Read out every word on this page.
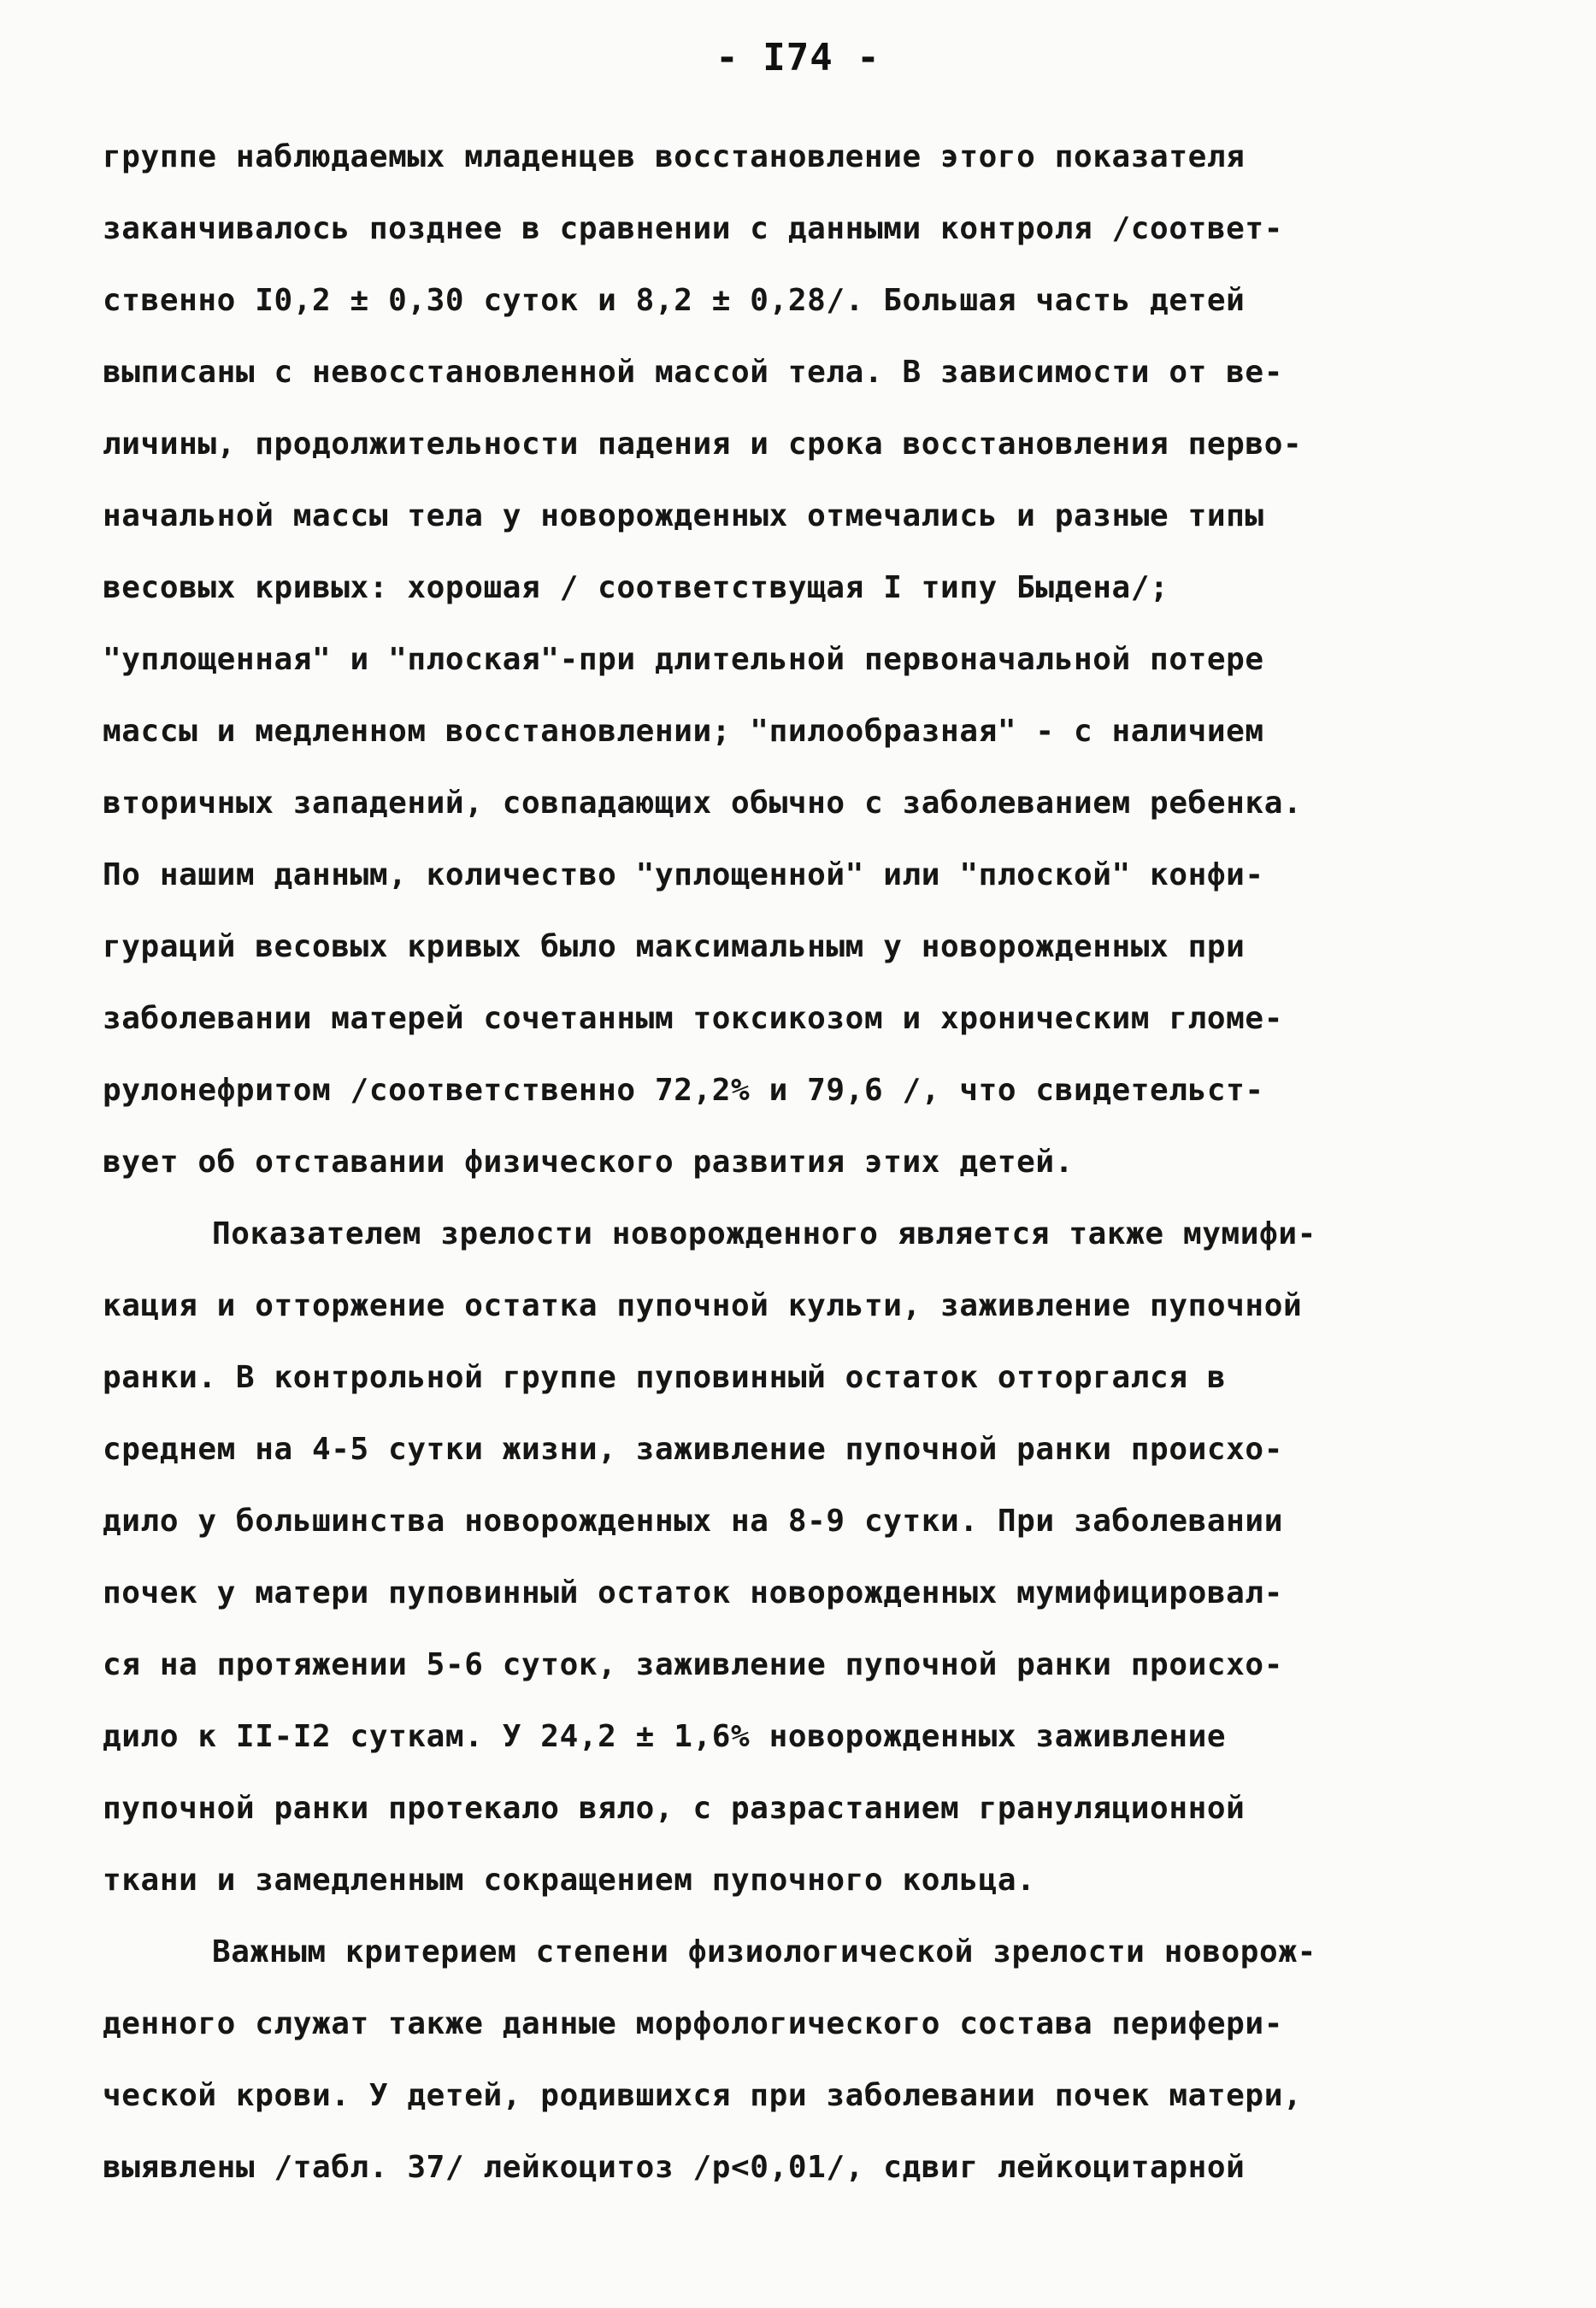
- I74 -
группе наблюдаемых младенцев восстановление этого показателя
заканчивалось позднее в сравнении с данными контроля /соответ-
ственно I0,2 ± 0,30 суток и 8,2 ± 0,28/. Большая часть детей
выписаны с невосстановленной массой тела. В зависимости от ве-
личины, продолжительности падения и срока восстановления перво-
начальной массы тела у новорожденных отмечались и разные типы
весовых кривых: хорошая / соответствущая I типу Быдена/;
"уплощенная" и "плоская"-при длительной первоначальной потере
массы и медленном восстановлении; "пилообразная" - с наличием
вторичных западений, совпадающих обычно с заболеванием ребенка.
По нашим данным, количество "уплощенной" или "плоской" конфи-
гураций весовых кривых было максимальным у новорожденных при
заболевании матерей сочетанным токсикозом и хроническим гломе-
рулонефритом /соответственно 72,2% и 79,6 /, что свидетельст-
вует об отставании физического развития этих детей.
Показателем зрелости новорожденного является также мумифи-
кация и отторжение остатка пупочной культи, заживление пупочной
ранки. В контрольной группе пуповинный остаток отторгался в
среднем на 4-5 сутки жизни, заживление пупочной ранки происхо-
дило у большинства новорожденных на 8-9 сутки. При заболевании
почек у матери пуповинный остаток новорожденных мумифицировал-
ся на протяжении 5-6 суток, заживление пупочной ранки происхо-
дило к II-I2 суткам. У 24,2 ± 1,6% новорожденных заживление
пупочной ранки протекало вяло, с разрастанием грануляционной
ткани и замедленным сокращением пупочного кольца.
Важным критерием степени физиологической зрелости новорож-
денного служат также данные морфологического состава перифери-
ческой крови. У детей, родившихся при заболевании почек матери,
выявлены /табл. 37/ лейкоцитоз /р<0,01/, сдвиг лейкоцитарной
